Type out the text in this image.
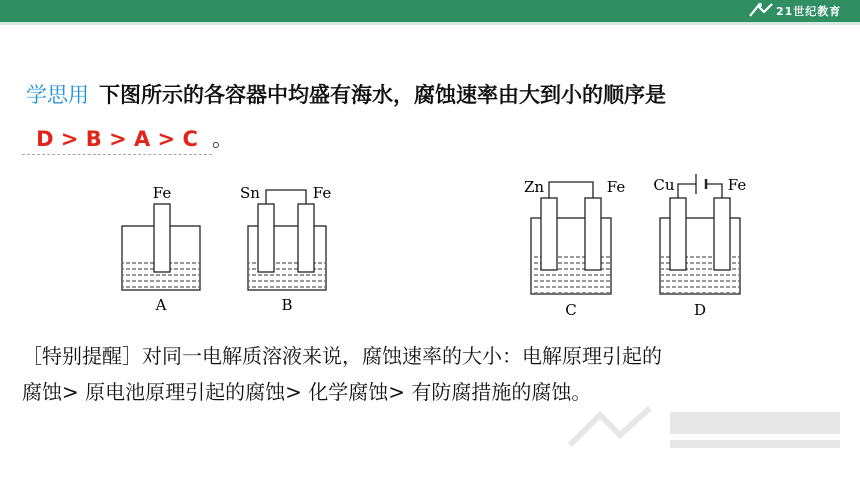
21世纪教育
学思用 下图所示的各容器中均盛有海水，腐蚀速率由大到小的顺序是
D > B > A > C 。
Fe
A
Sn	Fe
B
Zn	Fe
C
Cu	Fe
D
［特别提醒］对同一电解质溶液来说，腐蚀速率的大小：电解原理引起的
腐蚀> 原电池原理引起的腐蚀> 化学腐蚀> 有防腐措施的腐蚀。
